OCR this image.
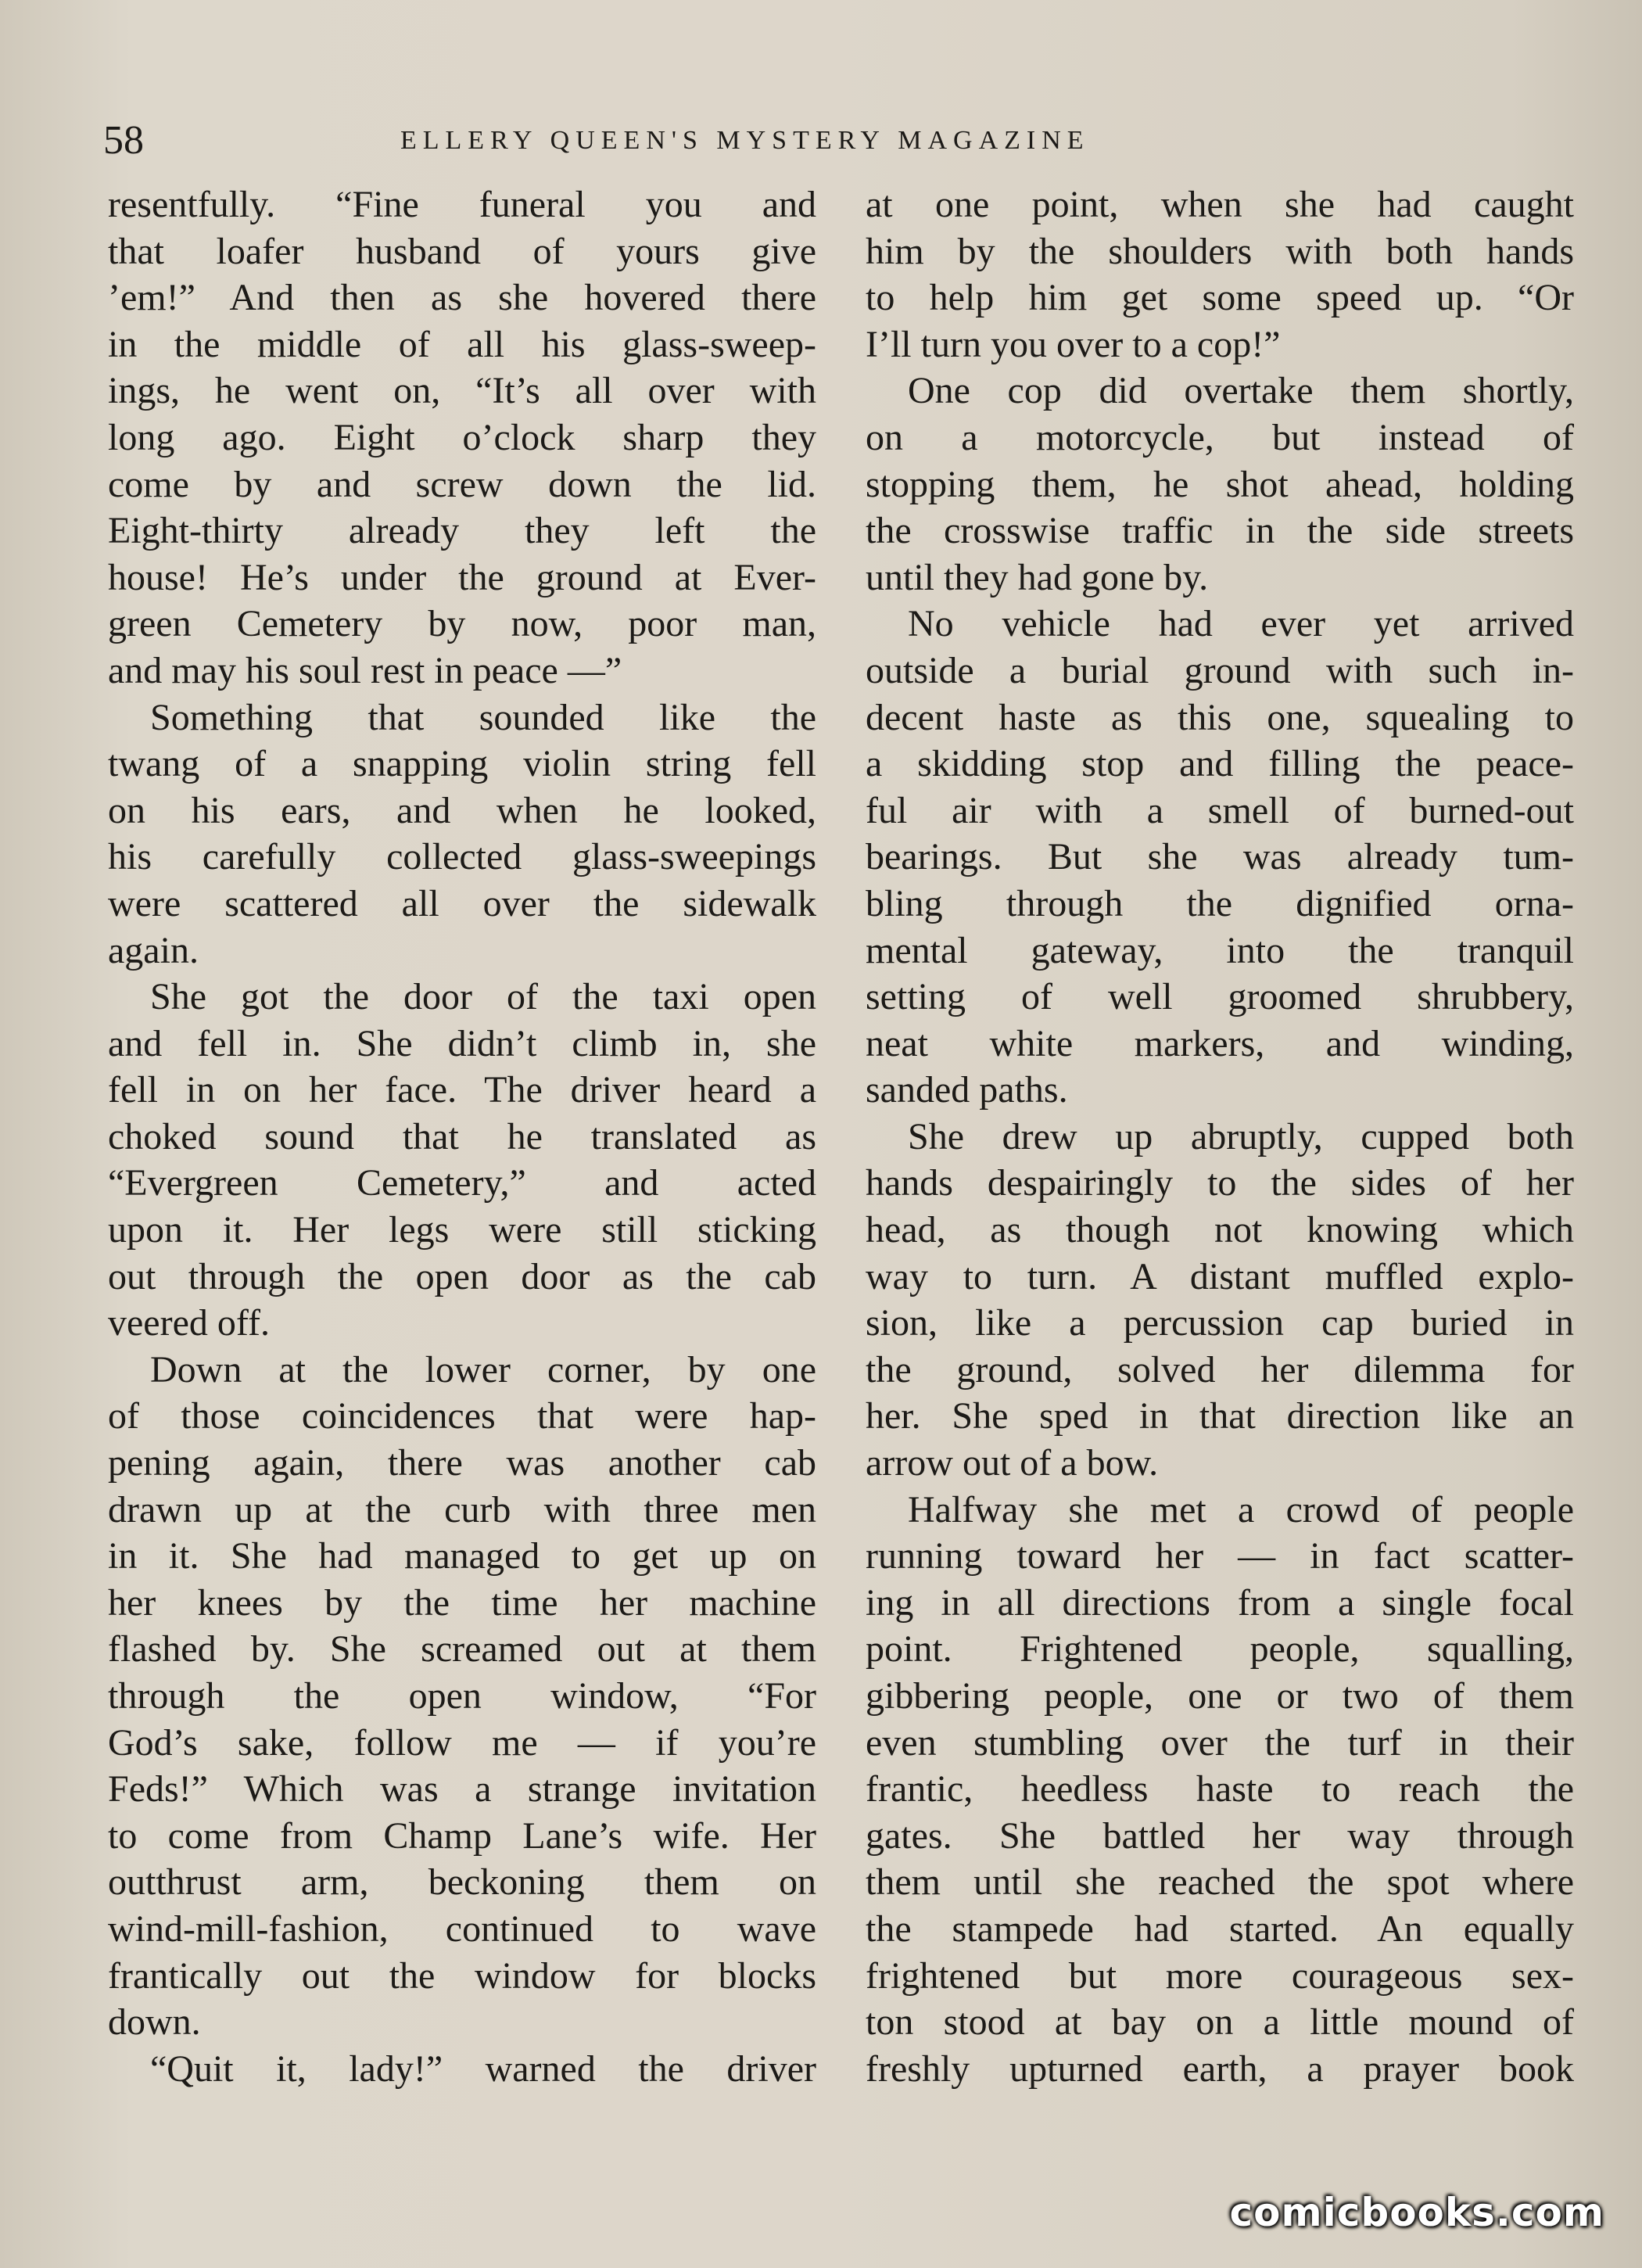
58	ELLERY QUEEN'S MYSTERY MAGAZINE
resentfully. “Fine funeral you and
that loafer husband of yours give
’em!” And then as she hovered there
in the middle of all his glass-sweep-
ings, he went on, “It’s all over with
long ago. Eight o’clock sharp they
come by and screw down the lid.
Eight-thirty already they left the
house! He’s under the ground at Ever-
green Cemetery by now, poor man,
and may his soul rest in peace —”
Something that sounded like the
twang of a snapping violin string fell
on his ears, and when he looked,
his carefully collected glass-sweepings
were scattered all over the sidewalk
again.
She got the door of the taxi open
and fell in. She didn’t climb in, she
fell in on her face. The driver heard a
choked sound that he translated as
“Evergreen Cemetery,” and acted
upon it. Her legs were still sticking
out through the open door as the cab
veered off.
Down at the lower corner, by one
of those coincidences that were hap-
pening again, there was another cab
drawn up at the curb with three men
in it. She had managed to get up on
her knees by the time her machine
flashed by. She screamed out at them
through the open window, “For
God’s sake, follow me — if you’re
Feds!” Which was a strange invitation
to come from Champ Lane’s wife. Her
outthrust arm, beckoning them on
wind-mill-fashion, continued to wave
frantically out the window for blocks
down.
“Quit it, lady!” warned the driver
at one point, when she had caught
him by the shoulders with both hands
to help him get some speed up. “Or
I’ll turn you over to a cop!”
One cop did overtake them shortly,
on a motorcycle, but instead of
stopping them, he shot ahead, holding
the crosswise traffic in the side streets
until they had gone by.
No vehicle had ever yet arrived
outside a burial ground with such in-
decent haste as this one, squealing to
a skidding stop and filling the peace-
ful air with a smell of burned-out
bearings. But she was already tum-
bling through the dignified orna-
mental gateway, into the tranquil
setting of well groomed shrubbery,
neat white markers, and winding,
sanded paths.
She drew up abruptly, cupped both
hands despairingly to the sides of her
head, as though not knowing which
way to turn. A distant muffled explo-
sion, like a percussion cap buried in
the ground, solved her dilemma for
her. She sped in that direction like an
arrow out of a bow.
Halfway she met a crowd of people
running toward her — in fact scatter-
ing in all directions from a single focal
point. Frightened people, squalling,
gibbering people, one or two of them
even stumbling over the turf in their
frantic, heedless haste to reach the
gates. She battled her way through
them until she reached the spot where
the stampede had started. An equally
frightened but more courageous sex-
ton stood at bay on a little mound of
freshly upturned earth, a prayer book
comicbooks.com
